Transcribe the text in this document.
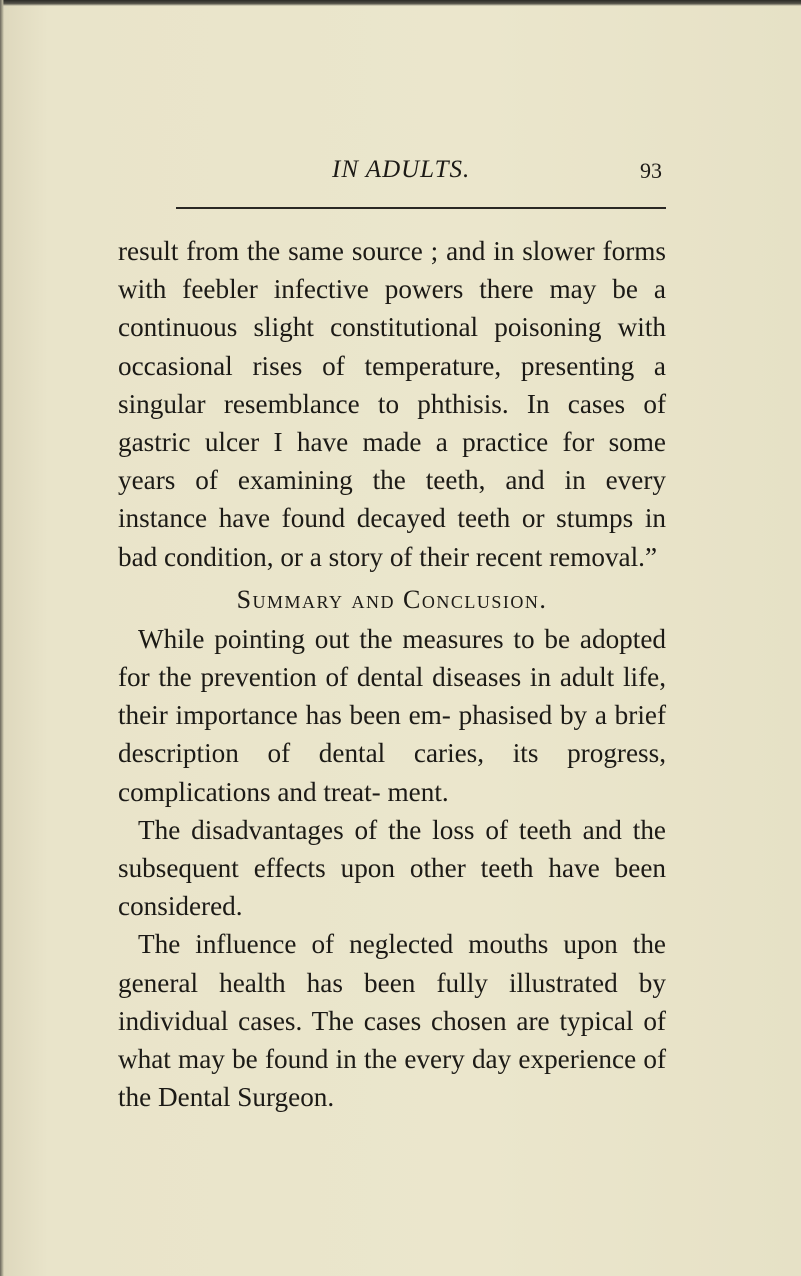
IN ADULTS.	93

result from the same source ; and in slower forms with feebler infective powers there may be a continuous slight constitutional poisoning with occasional rises of temperature, presenting a singular resemblance to phthisis. In cases of gastric ulcer I have made a practice for some years of examining the teeth, and in every instance have found decayed teeth or stumps in bad condition, or a story of their recent removal.”

Summary and Conclusion.

While pointing out the measures to be adopted for the prevention of dental diseases in adult life, their importance has been em- phasised by a brief description of dental caries, its progress, complications and treat- ment.

The disadvantages of the loss of teeth and the subsequent effects upon other teeth have been considered.

The influence of neglected mouths upon the general health has been fully illustrated by individual cases. The cases chosen are typical of what may be found in the every day experience of the Dental Surgeon.
